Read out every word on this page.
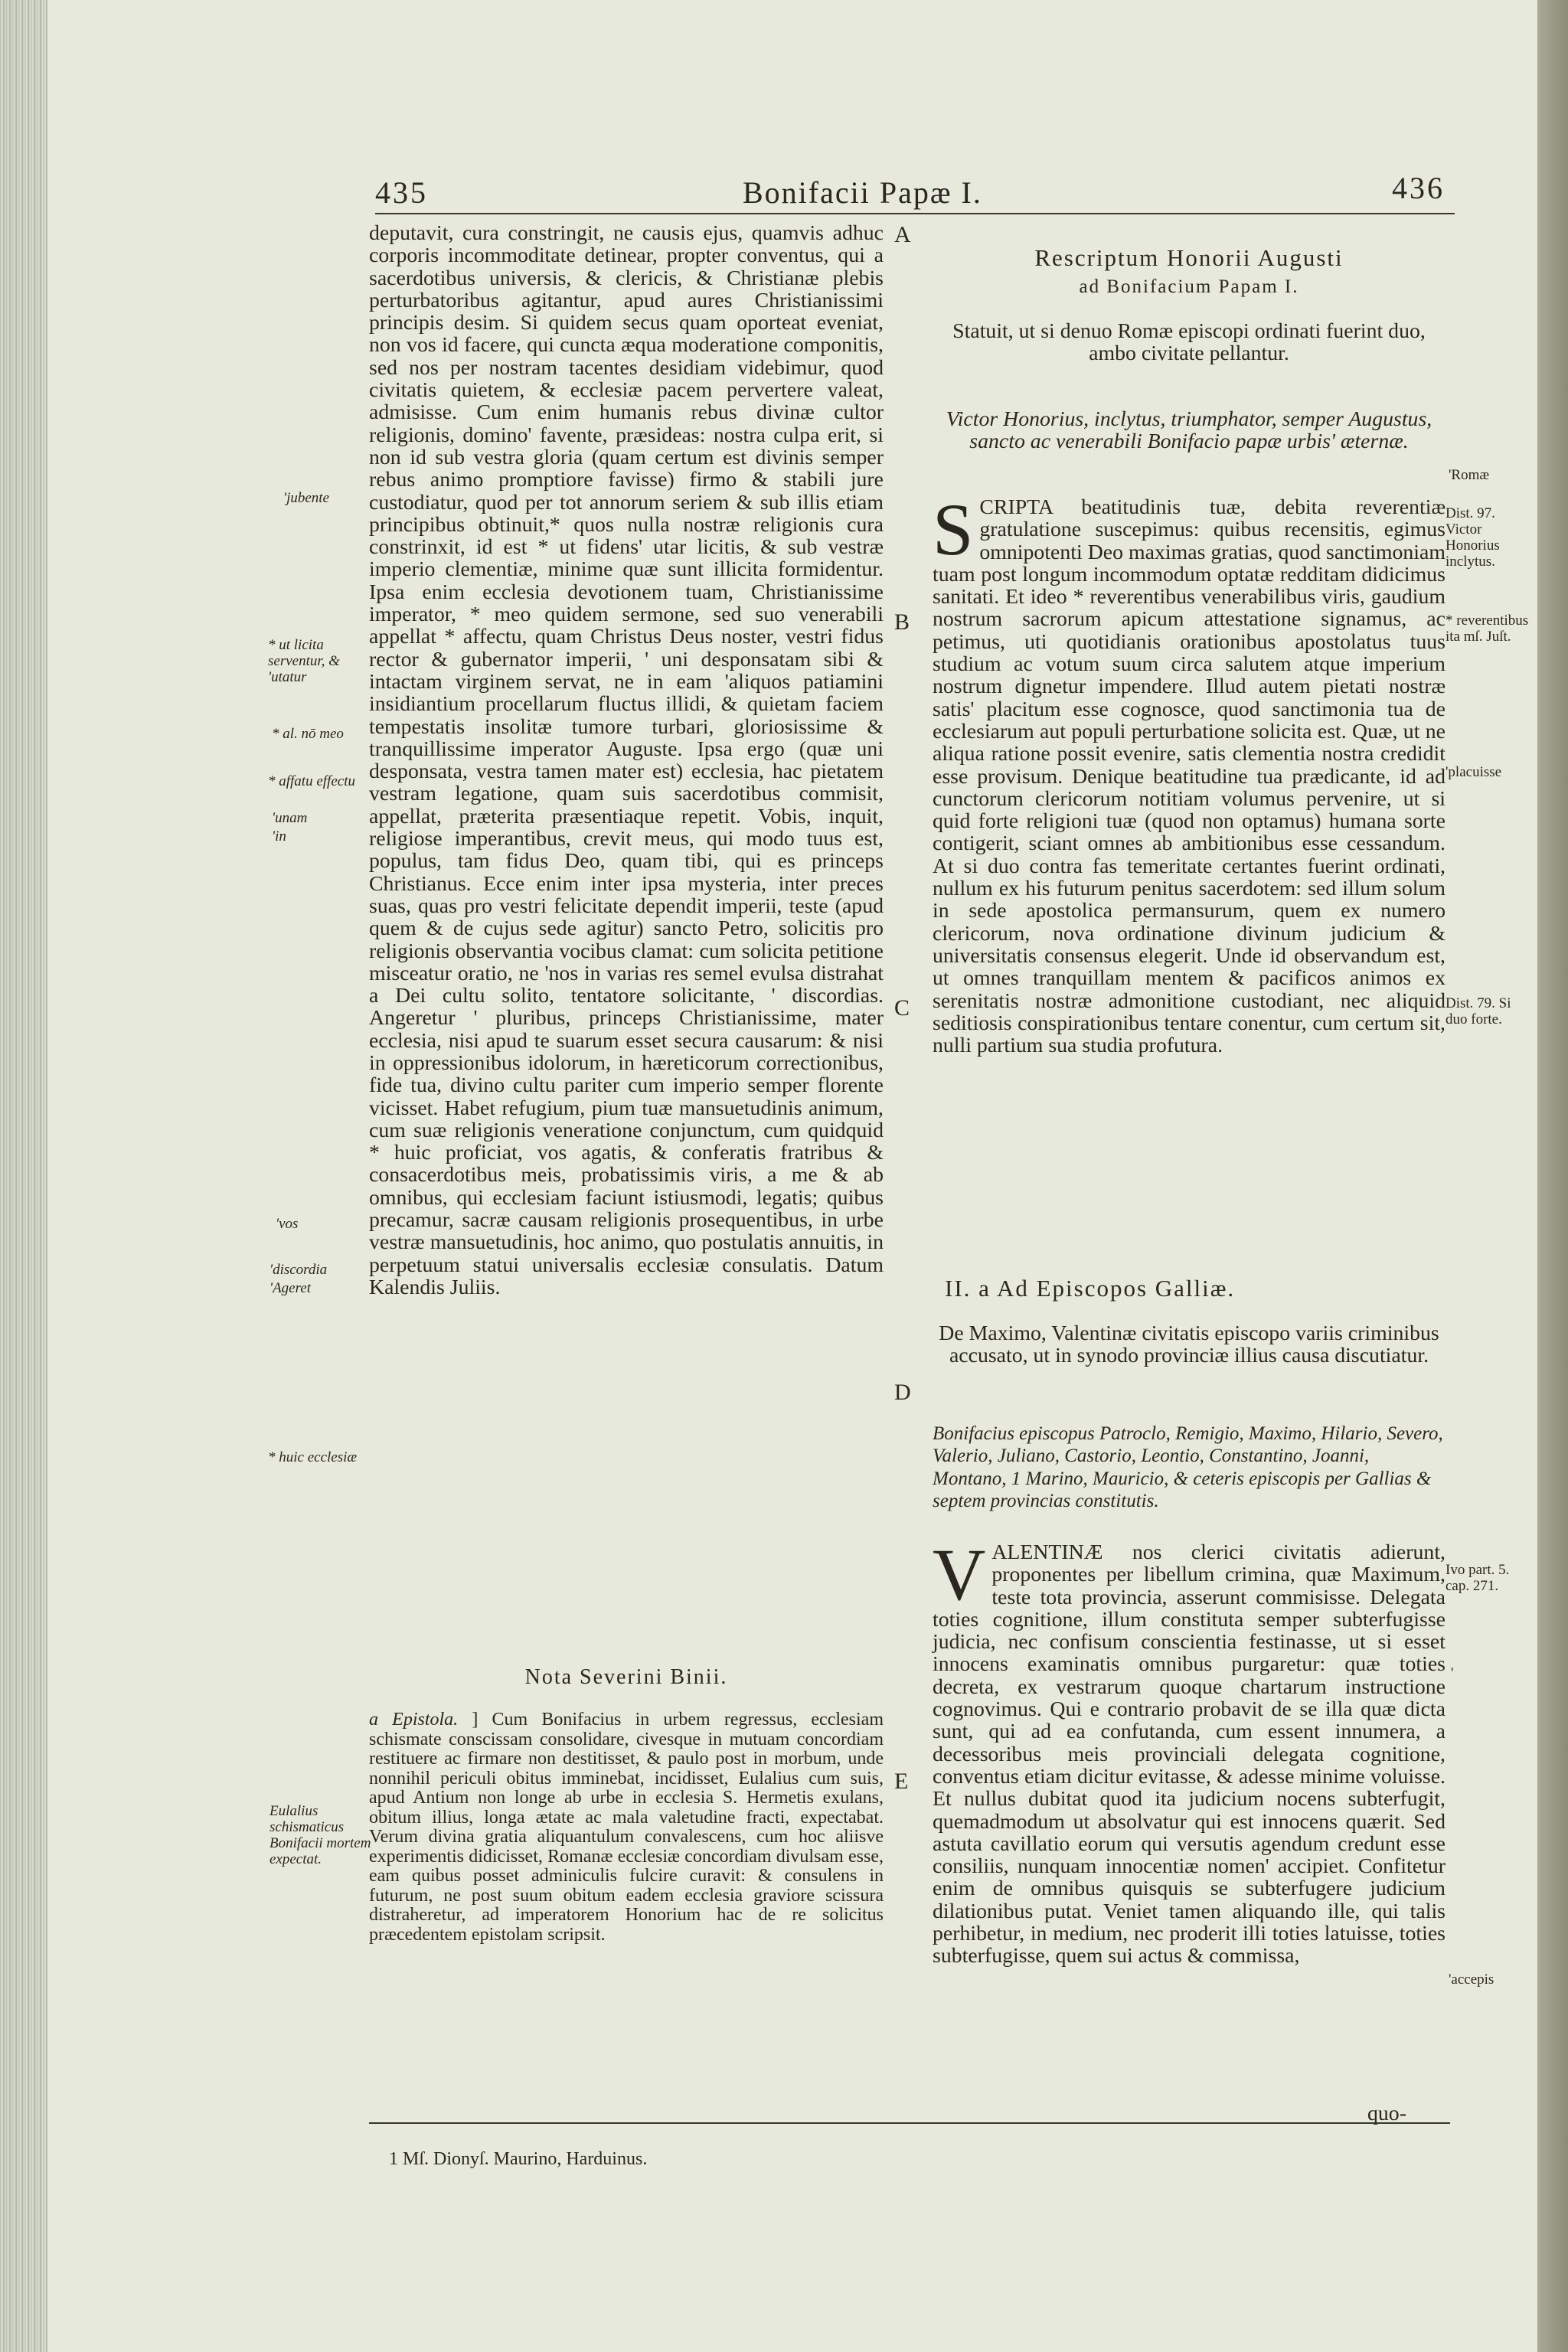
435	Bonifacii Papæ I.	436
A
B
C
D
E
'jubente
* ut licita serventur, & 'utatur
* al. nō meo
* affatu effectu
'unam
'in
'vos
'discordia
'Ageret
* huic ecclesiæ
Eulalius schismaticus Bonifacii mortem expectat.

deputavit, cura constringit, ne causis ejus, quamvis adhuc corporis incommoditate detinear, propter conventus, qui a sacerdotibus universis, & clericis, & Christianæ plebis perturbatoribus agitantur, apud aures Christianissimi principis desim. Si quidem secus quam oporteat eveniat, non vos id facere, qui cuncta æqua moderatione componitis, sed nos per nostram tacentes desidiam videbimur, quod civitatis quietem, & ecclesiæ pacem pervertere valeat, admisisse. Cum enim humanis rebus divinæ cultor religionis, domino' favente, præsideas: nostra culpa erit, si non id sub vestra gloria (quam certum est divinis semper rebus animo promptiore favisse) firmo & stabili jure custodiatur, quod per tot annorum seriem & sub illis etiam principibus obtinuit,* quos nulla nostræ religionis cura constrinxit, id est * ut fidens' utar licitis, & sub vestræ imperio clementiæ, minime quæ sunt illicita formidentur. Ipsa enim ecclesia devotionem tuam, Christianissime imperator, * meo quidem sermone, sed suo venerabili appellat * affectu, quam Christus Deus noster, vestri fidus rector & gubernator imperii, ' uni desponsatam sibi & intactam virginem servat, ne in eam 'aliquos patiamini insidiantium procellarum fluctus illidi, & quietam faciem tempestatis insolitæ tumore turbari, gloriosissime & tranquillissime imperator Auguste. Ipsa ergo (quæ uni desponsata, vestra tamen mater est) ecclesia, hac pietatem vestram legatione, quam suis sacerdotibus commisit, appellat, præterita præsentiaque repetit. Vobis, inquit, religiose imperantibus, crevit meus, qui modo tuus est, populus, tam fidus Deo, quam tibi, qui es princeps Christianus. Ecce enim inter ipsa mysteria, inter preces suas, quas pro vestri felicitate dependit imperii, teste (apud quem & de cujus sede agitur) sancto Petro, solicitis pro religionis observantia vocibus clamat: cum solicita petitione misceatur oratio, ne 'nos in varias res semel evulsa distrahat a Dei cultu solito, tentatore solicitante, ' discordias. Angeretur ' pluribus, princeps Christianissime, mater ecclesia, nisi apud te suarum esset secura causarum: & nisi in oppressionibus idolorum, in hæreticorum correctionibus, fide tua, divino cultu pariter cum imperio semper florente vicisset. Habet refugium, pium tuæ mansuetudinis animum, cum suæ religionis veneratione conjunctum, cum quidquid * huic proficiat, vos agatis, & conferatis fratribus & consacerdotibus meis, probatissimis viris, a me & ab omnibus, qui ecclesiam faciunt istiusmodi, legatis; quibus precamur, sacræ causam religionis prosequentibus, in urbe vestræ mansuetudinis, hoc animo, quo postulatis annuitis, in perpetuum statui universalis ecclesiæ consulatis. Datum Kalendis Juliis.

Nota Severini Binii.
a Epistola. ] Cum Bonifacius in urbem regressus, ecclesiam schismate conscissam consolidare, civesque in mutuam concordiam restituere ac firmare non destitisset, & paulo post in morbum, unde nonnihil periculi obitus imminebat, incidisset, Eulalius cum suis, apud Antium non longe ab urbe in ecclesia S. Hermetis exulans, obitum illius, longa ætate ac mala valetudine fracti, expectabat. Verum divina gratia aliquantulum convalescens, cum hoc aliisve experimentis didicisset, Romanæ ecclesiæ concordiam divulsam esse, eam quibus posset adminiculis fulcire curavit: & consulens in futurum, ne post suum obitum eadem ecclesia graviore scissura distraheretur, ad imperatorem Honorium hac de re solicitus præcedentem epistolam scripsit.
Rescriptum Honorii Augusti
ad Bonifacium Papam I.
Statuit, ut si denuo Romæ episcopi ordinati fuerint duo, ambo civitate pellantur.
Victor Honorius, inclytus, triumphator, semper Augustus, sancto ac venerabili Bonifacio papæ urbis' æternæ.
S CRIPTA beatitudinis tuæ, debita reverentiæ gratulatione suscepimus: quibus recensitis, egimus omnipotenti Deo maximas gratias, quod sanctimoniam tuam post longum incommodum optatæ redditam didicimus sanitati. Et ideo * reverentibus venerabilibus viris, gaudium nostrum sacrorum apicum attestatione signamus, ac petimus, uti quotidianis orationibus apostolatus tuus studium ac votum suum circa salutem atque imperium nostrum dignetur impendere. Illud autem pietati nostræ satis' placitum esse cognosce, quod sanctimonia tua de ecclesiarum aut populi perturbatione solicita est. Quæ, ut ne aliqua ratione possit evenire, satis clementia nostra credidit esse provisum. Denique beatitudine tua prædicante, id ad cunctorum clericorum notitiam volumus pervenire, ut si quid forte religioni tuæ (quod non optamus) humana sorte contigerit, sciant omnes ab ambitionibus esse cessandum. At si duo contra fas temeritate certantes fuerint ordinati, nullum ex his futurum penitus sacerdotem: sed illum solum in sede apostolica permansurum, quem ex numero clericorum, nova ordinatione divinum judicium & universitatis consensus elegerit. Unde id observandum est, ut omnes tranquillam mentem & pacificos animos ex serenitatis nostræ admonitione custodiant, nec aliquid seditiosis conspirationibus tentare conentur, cum certum sit, nulli partium sua studia profutura.
II. a Ad Episcopos Galliæ.
De Maximo, Valentinæ civitatis episcopo variis criminibus accusato, ut in synodo provinciæ illius causa discutiatur.
Bonifacius episcopus Patroclo, Remigio, Maximo, Hilario, Severo, Valerio, Juliano, Castorio, Leontio, Constantino, Joanni, Montano, 1 Marino, Mauricio, & ceteris episcopis per Gallias & septem provincias constitutis.
V ALENTINÆ nos clerici civitatis adierunt, proponentes per libellum crimina, quæ Maximum, teste tota provincia, asserunt commisisse. Delegata toties cognitione, illum constituta semper subterfugisse judicia, nec confisum conscientia festinasse, ut si esset innocens examinatis omnibus purgaretur: quæ toties decreta, ex vestrarum quoque chartarum instructione cognovimus. Qui e contrario probavit de se illa quæ dicta sunt, qui ad ea confutanda, cum essent innumera, a decessoribus meis provinciali delegata cognitione, conventus etiam dicitur evitasse, & adesse minime voluisse. Et nullus dubitat quod ita judicium nocens subterfugit, quemadmodum ut absolvatur qui est innocens quærit. Sed astuta cavillatio eorum qui versutis agendum credunt esse consiliis, nunquam innocentiæ nomen' accipiet. Confitetur enim de omnibus quisquis se subterfugere judicium dilationibus putat. Veniet tamen aliquando ille, qui talis perhibetur, in medium, nec proderit illi toties latuisse, toties subterfugisse, quem sui actus & commissa,
quo-
'Romæ
Dist. 97. Victor Honorius inclytus.
* reverentibus ita mſ. Juſt.
'placuisse
Dist. 79. Si duo forte.
Ivo part. 5. cap. 271.
'
'accepis
1 Mſ. Dionyſ. Maurino, Harduinus.
